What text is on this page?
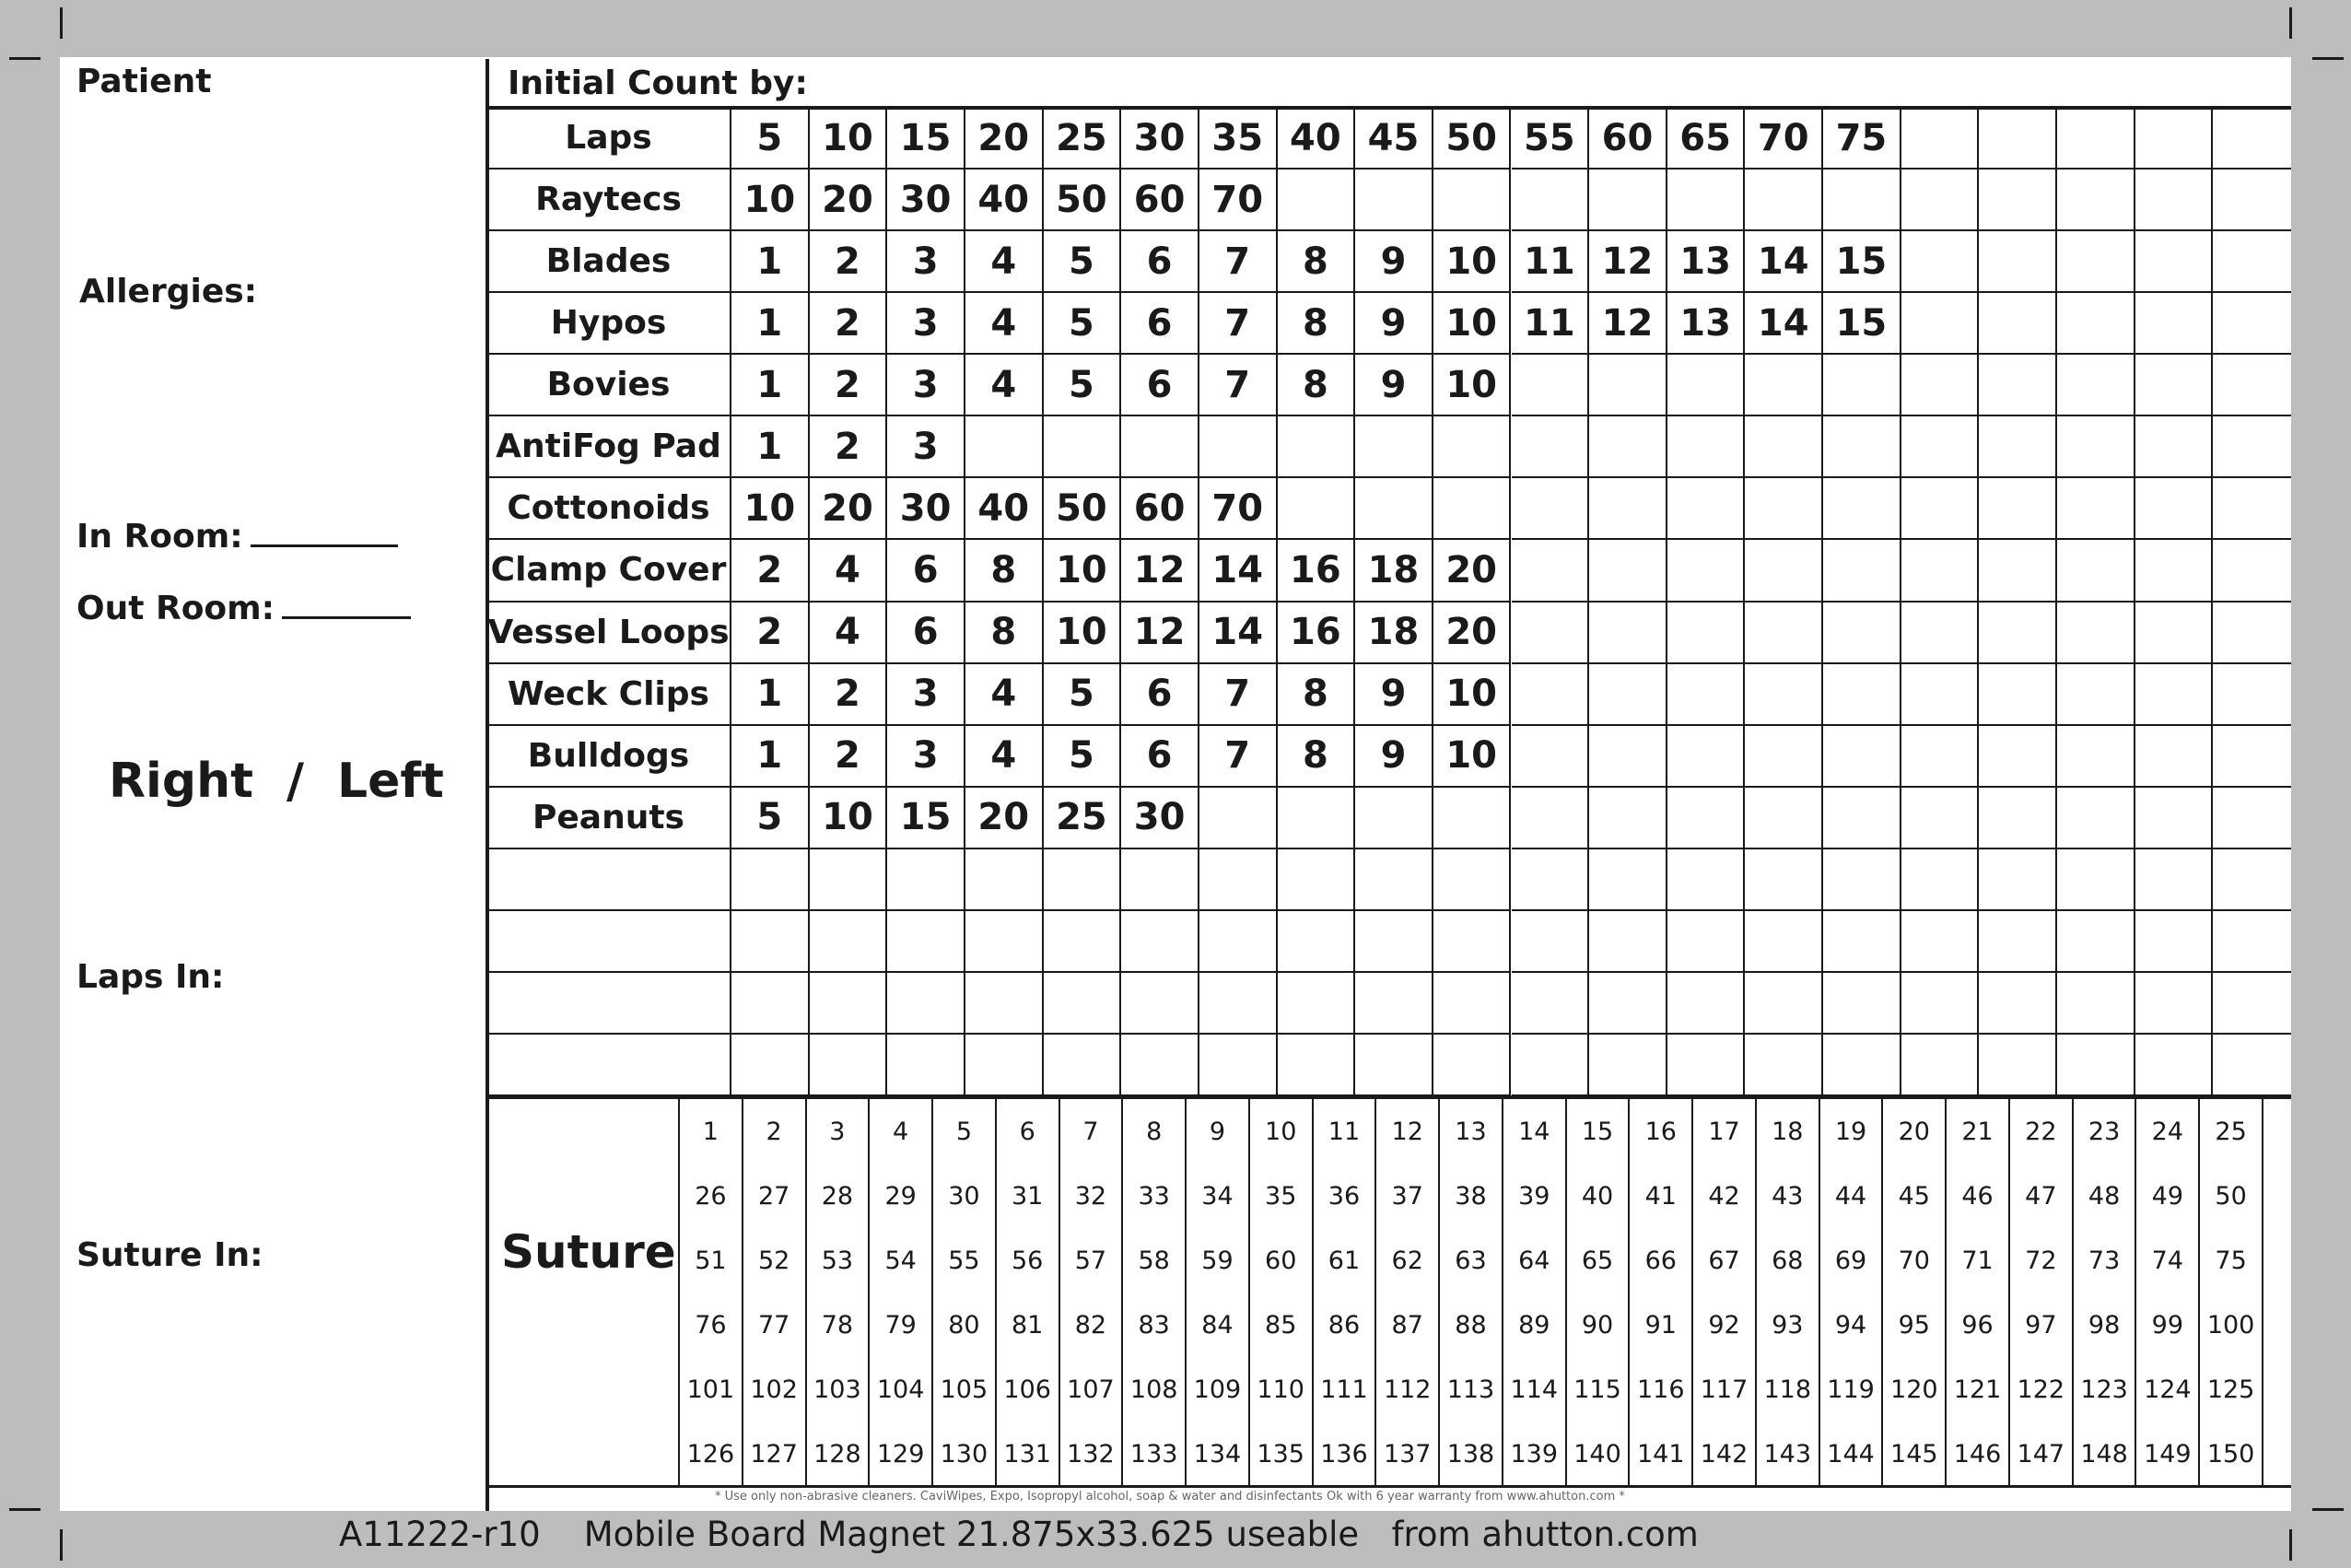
Patient
Allergies:
In Room:
Out Room:
Right / Left
Laps In:
Suture In:
Initial Count by:
Laps	5	10 15 20 25 30 35 40 45 50 55 60 65 70 75
Raytecs	10 20 30 40 50 60 70
Blades	1	2	3	4	5	6	7	8	9	10 11 12 13 14 15
Hypos	1	2	3	4	5	6	7	8	9	10 11 12 13 14 15
Bovies	1	2	3	4	5	6	7	8	9	10
AntiFog Pad 1	2	3
Cottonoids 10 20 30 40 50 60 70
Clamp Cover 2	4	6	8	10 12 14 16 18 20
Vessel Loops 2	4	6	8	10 12 14 16 18 20
Weck Clips	1	2	3	4	5	6	7	8	9	10
Bulldogs	1	2	3	4	5	6	7	8	9	10
Peanuts	5	10 15 20 25 30
Suture
1	2	3	4	5	6	7	8	9	10	11	12	13	14	15	16	17	18	19	20	21	22	23	24	25
26	27	28	29	30	31	32	33	34	35	36	37	38	39	40	41	42	43	44	45	46	47	48	49	50
51	52	53	54	55	56	57	58	59	60	61	62	63	64	65	66	67	68	69	70	71	72	73	74	75
76	77	78	79	80	81	82	83	84	85	86	87	88	89	90	91	92	93	94	95	96	97	98	99 100
101 102 103 104 105 106 107 108 109 110 111 112 113 114 115 116 117 118 119 120 121 122 123 124 125
126 127 128 129 130 131 132 133 134 135 136 137 138 139 140 141 142 143 144 145 146 147 148 149 150
* Use only non-abrasive cleaners. CaviWipes, Expo, Isopropyl alcohol, soap & water and disinfectants Ok with 6 year warranty from www.ahutton.com *
A11222-r10    Mobile Board Magnet 21.875x33.625 useable   from ahutton.com
